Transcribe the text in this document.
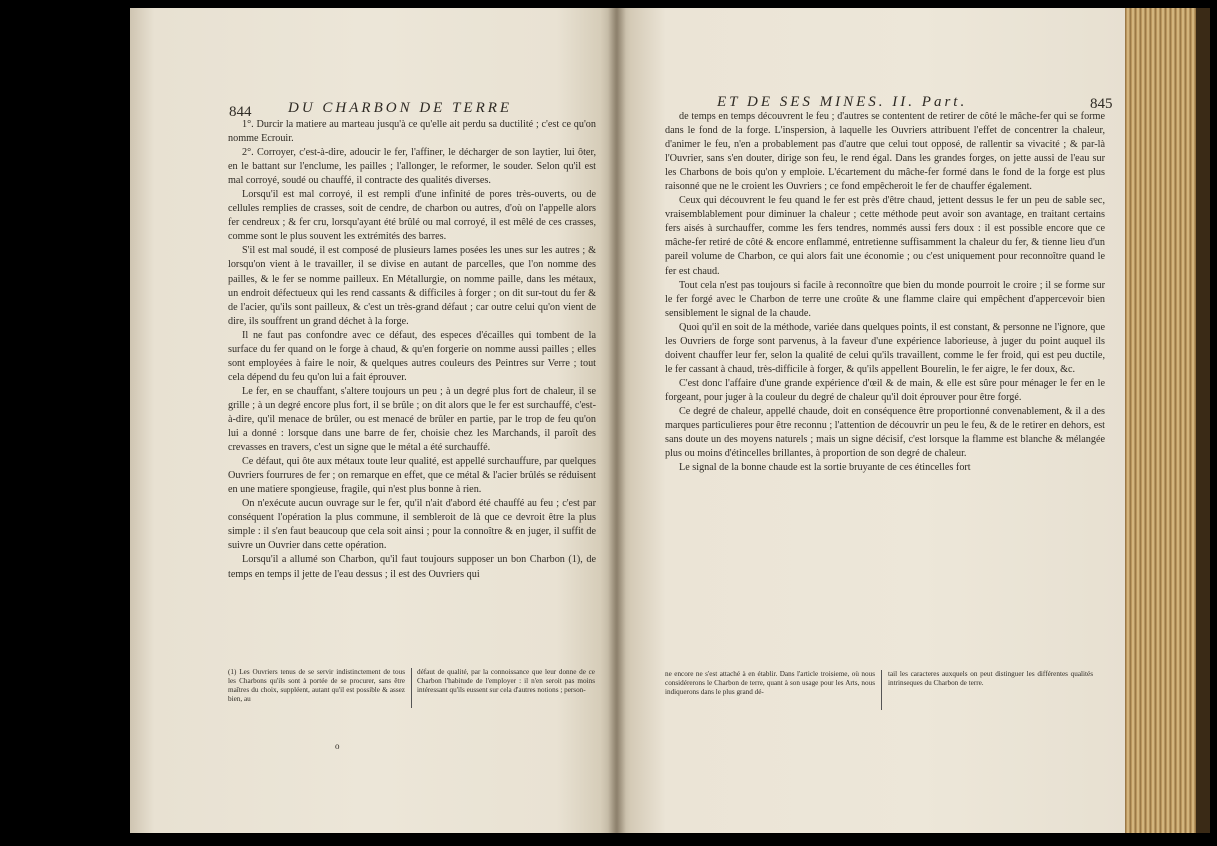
844 DU CHARBON DE TERRE

1°. Durcir la matiere au marteau jusqu'à ce qu'elle ait perdu sa ductilité ; c'est ce qu'on nomme Ecrouir.

2°. Corroyer, c'est-à-dire, adoucir le fer, l'affiner, le décharger de son laytier, lui ôter, en le battant sur l'enclume, les pailles ; l'allonger, le reformer, le souder. Selon qu'il est mal corroyé, soudé ou chauffé, il contracte des qualités diverses.

Lorsqu'il est mal corroyé, il est rempli d'une infinité de pores très-ouverts, ou de cellules remplies de crasses, soit de cendre, de charbon ou autres, d'où on l'appelle alors fer cendreux ; & fer cru, lorsqu'ayant été brûlé ou mal corroyé, il est mêlé de ces crasses, comme sont le plus souvent les extrémités des barres.

S'il est mal soudé, il est composé de plusieurs lames posées les unes sur les autres ; & lorsqu'on vient à le travailler, il se divise en autant de parcelles, que l'on nomme des pailles, & le fer se nomme pailleux. En Métallurgie, on nomme paille, dans les métaux, un endroit défectueux qui les rend cassants & difficiles à forger ; on dit sur-tout du fer & de l'acier, qu'ils sont pailleux, & c'est un très-grand défaut ; car outre celui qu'on vient de dire, ils souffrent un grand déchet à la forge.

Il ne faut pas confondre avec ce défaut, des especes d'écailles qui tombent de la surface du fer quand on le forge à chaud, & qu'en forgerie on nomme aussi pailles ; elles sont employées à faire le noir, & quelques autres couleurs des Peintres sur Verre ; tout cela dépend du feu qu'on lui a fait éprouver.

Le fer, en se chauffant, s'altere toujours un peu ; à un degré plus fort de chaleur, il se grille ; à un degré encore plus fort, il se brûle ; on dit alors que le fer est surchauffé, c'est-à-dire, qu'il menace de brûler, ou est menacé de brûler en partie, par le trop de feu qu'on lui a donné : lorsque dans une barre de fer, choisie chez les Marchands, il paroît des crevasses en travers, c'est un signe que le métal a été surchauffé.

Ce défaut, qui ôte aux métaux toute leur qualité, est appellé surchauffure, par quelques Ouvriers fourrures de fer ; on remarque en effet, que ce métal & l'acier brûlés se réduisent en une matiere spongieuse, fragile, qui n'est plus bonne à rien.

On n'exécute aucun ouvrage sur le fer, qu'il n'ait d'abord été chauffé au feu ; c'est par conséquent l'opération la plus commune, il sembleroit de là que ce devroit être la plus simple : il s'en faut beaucoup que cela soit ainsi ; pour la connoître & en juger, il suffit de suivre un Ouvrier dans cette opération.

Lorsqu'il a allumé son Charbon, qu'il faut toujours supposer un bon Charbon (1), de temps en temps il jette de l'eau dessus ; il est des Ouvriers qui

(1) Les Ouvriers tenus de se servir indistinctement de tous les Charbons qu'ils sont à portée de se procurer, sans être maîtres du choix, suppléent, autant qu'il est possible & assez bien, au
défaut de qualité, par la connoissance que leur donne de ce Charbon l'habitude de l'employer : il n'en seroit pas moins intéressant qu'ils eussent sur cela d'autres notions ; person-
o
ET DE SES MINES. II. Part.	845

de temps en temps découvrent le feu ; d'autres se contentent de retirer de côté le mâche-fer qui se forme dans le fond de la forge. L'inspersion, à laquelle les Ouvriers attribuent l'effet de concentrer la chaleur, d'animer le feu, n'en a probablement pas d'autre que celui tout opposé, de rallentir sa vivacité ; & par-là l'Ouvrier, sans s'en douter, dirige son feu, le rend égal. Dans les grandes forges, on jette aussi de l'eau sur les Charbons de bois qu'on y emploie. L'écartement du mâche-fer formé dans le fond de la forge est plus raisonné que ne le croient les Ouvriers ; ce fond empêcheroit le fer de chauffer également.

Ceux qui découvrent le feu quand le fer est près d'être chaud, jettent dessus le fer un peu de sable sec, vraisemblablement pour diminuer la chaleur ; cette méthode peut avoir son avantage, en traitant certains fers aisés à surchauffer, comme les fers tendres, nommés aussi fers doux : il est possible encore que ce mâche-fer retiré de côté & encore enflammé, entretienne suffisamment la chaleur du fer, & tienne lieu d'un pareil volume de Charbon, ce qui alors fait une économie ; ou c'est uniquement pour reconnoître quand le fer est chaud.

Tout cela n'est pas toujours si facile à reconnoître que bien du monde pourroit le croire ; il se forme sur le fer forgé avec le Charbon de terre une croûte & une flamme claire qui empêchent d'appercevoir bien sensiblement le signal de la chaude.

Quoi qu'il en soit de la méthode, variée dans quelques points, il est constant, & personne ne l'ignore, que les Ouvriers de forge sont parvenus, à la faveur d'une expérience laborieuse, à juger du point auquel ils doivent chauffer leur fer, selon la qualité de celui qu'ils travaillent, comme le fer froid, qui est peu ductile, le fer cassant à chaud, très-difficile à forger, & qu'ils appellent Bourelin, le fer aigre, le fer doux, &c.

C'est donc l'affaire d'une grande expérience d'œil & de main, & elle est sûre pour ménager le fer en le forgeant, pour juger à la couleur du degré de chaleur qu'il doit éprouver pour être forgé.

Ce degré de chaleur, appellé chaude, doit en conséquence être proportionné convenablement, & il a des marques particulieres pour être reconnu ; l'attention de découvrir un peu le feu, & de le retirer en dehors, est sans doute un des moyens naturels ; mais un signe décisif, c'est lorsque la flamme est blanche & mélangée plus ou moins d'étincelles brillantes, à proportion de son degré de chaleur.

Le signal de la bonne chaude est la sortie bruyante de ces étincelles fort

ne encore ne s'est attaché à en établir. Dans l'article troisieme, où nous considérerons le Charbon de terre, quant à son usage pour les Arts, nous indiquerons dans le plus grand dé-
tail les caracteres auxquels on peut distinguer les différentes qualités intrinseques du Charbon de terre.
